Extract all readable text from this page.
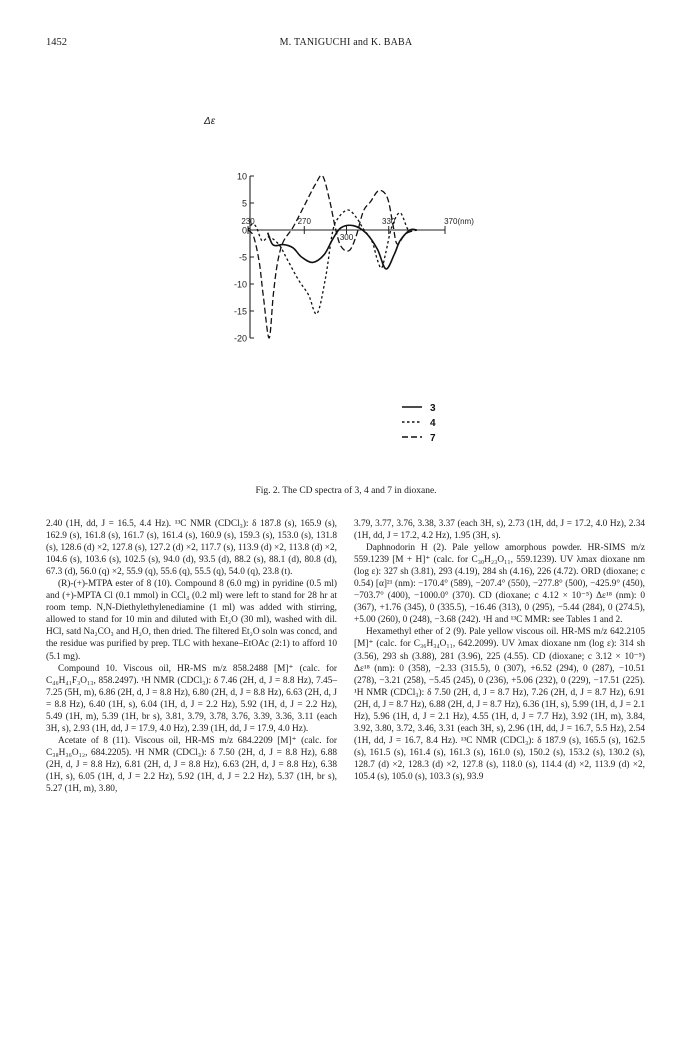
1452	M. TANIGUCHI and K. BABA
10
5
0
-5
-10
-15
-20
Δε
230	270
300
330	370(nm)
3
4
7
Fig. 2. The CD spectra of 3, 4 and 7 in dioxane.

2.40 (1H, dd, J = 16.5, 4.4 Hz). ¹³C NMR (CDCl₃): δ 187.8 (s), 165.9 (s), 162.9 (s), 161.8 (s), 161.7 (s), 161.4 (s), 160.9 (s), 159.3 (s), 153.0 (s), 131.8 (s), 128.6 (d) ×2, 127.8 (s), 127.2 (d) ×2, 117.7 (s), 113.9 (d) ×2, 113.8 (d) ×2, 104.6 (s), 103.6 (s), 102.5 (s), 94.0 (d), 93.5 (d), 88.2 (s), 88.1 (d), 80.8 (d), 67.3 (d), 56.0 (q) ×2, 55.9 (q), 55.6 (q), 55.5 (q), 54.0 (q), 23.8 (t).

(R)-(+)-MTPA ester of 8 (10). Compound 8 (6.0 mg) in pyridine (0.5 ml) and (+)-MPTA Cl (0.1 mmol) in CCl₄ (0.2 ml) were left to stand for 28 hr at room temp. N,N-Diethylethylenediamine (1 ml) was added with stirring, allowed to stand for 10 min and diluted with Et₂O (30 ml), washed with dil. HCl, satd Na₂CO₃ and H₂O, then dried. The filtered Et₂O soln was concd, and the residue was purified by prep. TLC with hexane–EtOAc (2:1) to afford 10 (5.1 mg).

Compound 10. Viscous oil, HR-MS m/z 858.2488 [M]⁺ (calc. for C₄₆H₄₁F₃O₁₃, 858.2497). ¹H NMR (CDCl₃): δ 7.46 (2H, d, J = 8.8 Hz), 7.45–7.25 (5H, m), 6.86 (2H, d, J = 8.8 Hz), 6.80 (2H, d, J = 8.8 Hz), 6.63 (2H, d, J = 8.8 Hz), 6.40 (1H, s), 6.04 (1H, d, J = 2.2 Hz), 5.92 (1H, d, J = 2.2 Hz), 5.49 (1H, m), 5.39 (1H, br s), 3.81, 3.79, 3.78, 3.76, 3.39, 3.36, 3.11 (each 3H, s), 2.93 (1H, dd, J = 17.9, 4.0 Hz), 2.39 (1H, dd, J = 17.9, 4.0 Hz).

Acetate of 8 (11). Viscous oil, HR-MS m/z 684.2209 [M]⁺ (calc. for C₃₈H₃₆O₁₂, 684.2205). ¹H NMR (CDCl₃): δ 7.50 (2H, d, J = 8.8 Hz), 6.88 (2H, d, J = 8.8 Hz), 6.81 (2H, d, J = 8.8 Hz), 6.63 (2H, d, J = 8.8 Hz), 6.38 (1H, s), 6.05 (1H, d, J = 2.2 Hz), 5.92 (1H, d, J = 2.2 Hz), 5.37 (1H, br s), 5.27 (1H, m), 3.80,

3.79, 3.77, 3.76, 3.38, 3.37 (each 3H, s), 2.73 (1H, dd, J = 17.2, 4.0 Hz), 2.34 (1H, dd, J = 17.2, 4.2 Hz), 1.95 (3H, s).

Daphnodorin H (2). Pale yellow amorphous powder. HR-SIMS m/z 559.1239 [M + H]⁺ (calc. for C₃₀H₂₃O₁₁, 559.1239). UV λmax dioxane nm (log ε): 327 sh (3.81), 293 (4.19), 284 sh (4.16), 226 (4.72). ORD (dioxane; c 0.54) [α]²¹ (nm): −170.4° (589), −207.4° (550), −277.8° (500), −425.9° (450), −703.7° (400), −1000.0° (370). CD (dioxane; c 4.12 × 10⁻⁵) Δε¹⁸ (nm): 0 (367), +1.76 (345), 0 (335.5), −16.46 (313), 0 (295), −5.44 (284), 0 (274.5), +5.00 (260), 0 (248), −3.68 (242). ¹H and ¹³C MMR: see Tables 1 and 2.

Hexamethyl ether of 2 (9). Pale yellow viscous oil. HR-MS m/z 642.2105 [M]⁺ (calc. for C₃₆H₃₄O₁₁, 642.2099). UV λmax dioxane nm (log ε): 314 sh (3.56), 293 sh (3.88), 281 (3.96), 225 (4.55). CD (dioxane; c 3.12 × 10⁻⁵) Δε¹⁸ (nm): 0 (358), −2.33 (315.5), 0 (307), +6.52 (294), 0 (287), −10.51 (278), −3.21 (258), −5.45 (245), 0 (236), +5.06 (232), 0 (229), −17.51 (225). ¹H NMR (CDCl₃): δ 7.50 (2H, d, J = 8.7 Hz), 7.26 (2H, d, J = 8.7 Hz), 6.91 (2H, d, J = 8.7 Hz), 6.88 (2H, d, J = 8.7 Hz), 6.36 (1H, s), 5.99 (1H, d, J = 2.1 Hz), 5.96 (1H, d, J = 2.1 Hz), 4.55 (1H, d, J = 7.7 Hz), 3.92 (1H, m), 3.84, 3.92, 3.80, 3.72, 3.46, 3.31 (each 3H, s), 2.96 (1H, dd, J = 16.7, 5.5 Hz), 2.54 (1H, dd, J = 16.7, 8.4 Hz). ¹³C NMR (CDCl₃): δ 187.9 (s), 165.5 (s), 162.5 (s), 161.5 (s), 161.4 (s), 161.3 (s), 161.0 (s), 150.2 (s), 153.2 (s), 130.2 (s), 128.7 (d) ×2, 128.3 (d) ×2, 127.8 (s), 118.0 (s), 114.4 (d) ×2, 113.9 (d) ×2, 105.4 (s), 105.0 (s), 103.3 (s), 93.9
